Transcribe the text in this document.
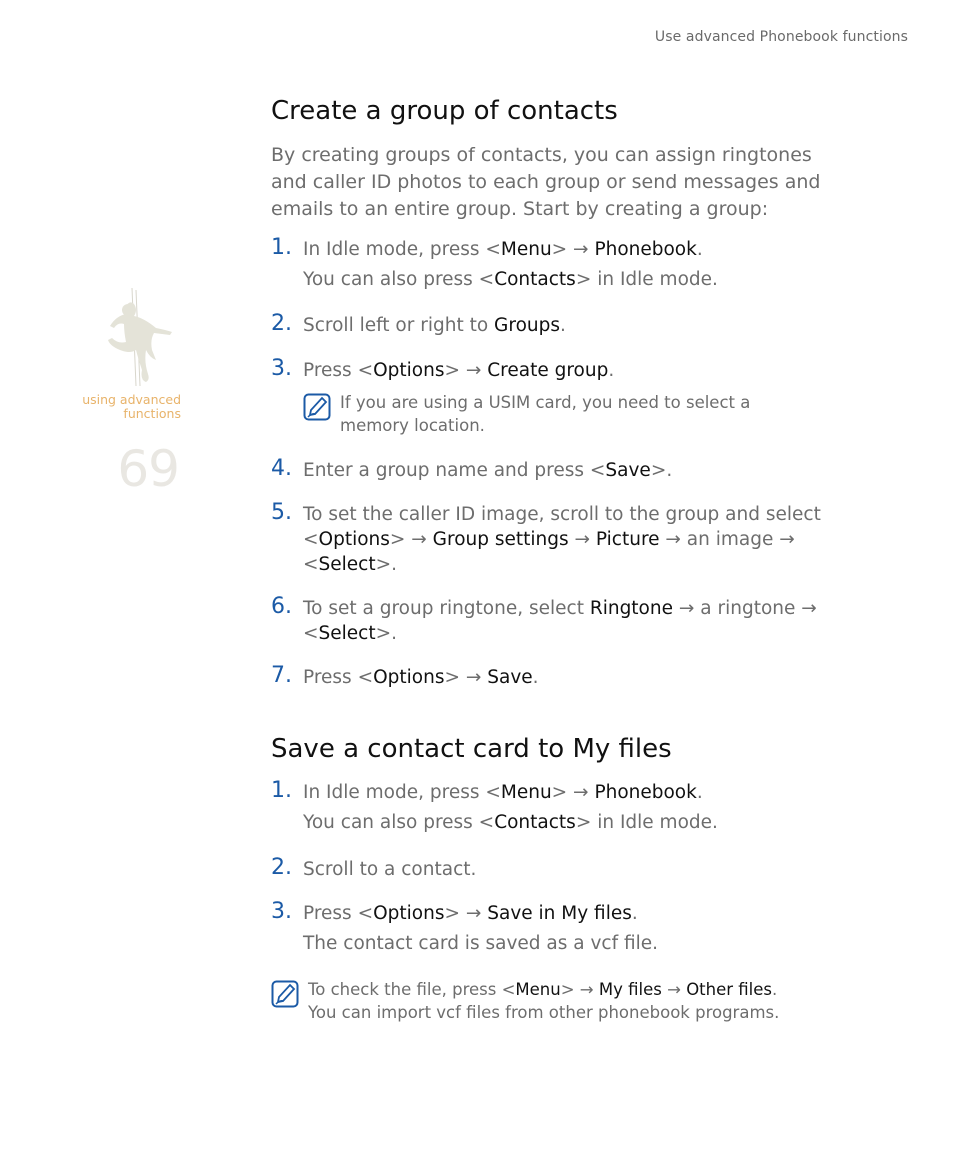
Use advanced Phonebook functions
using advanced
functions
69
Create a group of contacts

By creating groups of contacts, you can assign ringtones and caller ID photos to each group or send messages and emails to an entire group. Start by creating a group:

1. In Idle mode, press <Menu> → Phonebook.
You can also press <Contacts> in Idle mode.
2. Scroll left or right to Groups.
3. Press <Options> → Create group.
If you are using a USIM card, you need to select a memory location.
4. Enter a group name and press <Save>.
5. To set the caller ID image, scroll to the group and select <Options> → Group settings → Picture → an image → <Select>.
6. To set a group ringtone, select Ringtone → a ringtone → <Select>.
7. Press <Options> → Save.
Save a contact card to My files
1. In Idle mode, press <Menu> → Phonebook.
You can also press <Contacts> in Idle mode.
2. Scroll to a contact.
3. Press <Options> → Save in My files.
The contact card is saved as a vcf file.
To check the file, press <Menu> → My files → Other files.
You can import vcf files from other phonebook programs.
